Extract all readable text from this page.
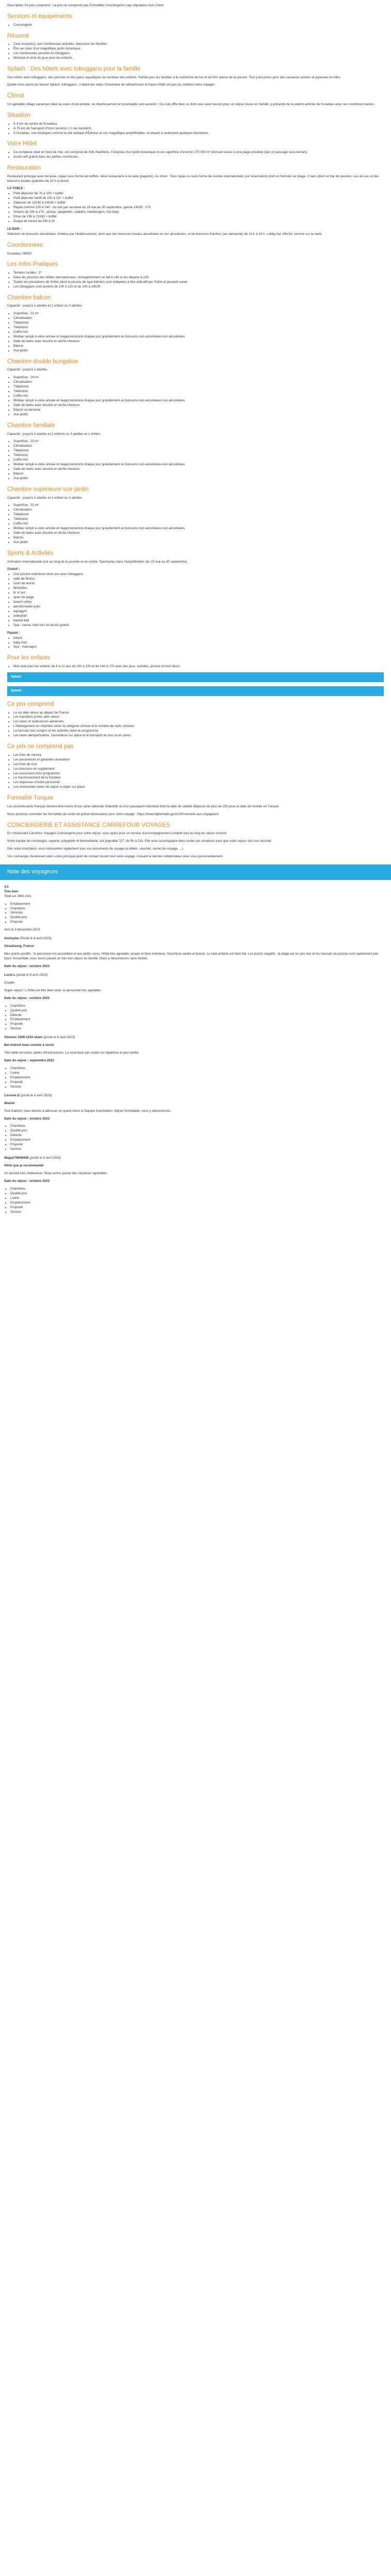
Description Ce prix comprend : Le prix ne comprend pas Formalités Conciergerie Logo stipulation Avis Client

Services et équipements
• Conciergerie
Résumé
• Club couvert(s), aux nombreuses activités, idéal pour les familles.
• Être au cœur d'un magnifique jardin botanique.
• Les nombreuses piscines et toboggans.
• Miniclub et amis du jeux pour les enfants.
Splash : Des hôtels avec toboggans pour la famille

Des hôtels avec toboggans, des piscines et des parcs aquatiques au bonheur des enfants. Parfait pour les familles à la recherche de fun et de frim autour de la piscine. Tout y est prévu pour des vacances actives et joyeuses en tribu.

Quelle nous avons pu laisser Splash, toboggans ; n'allant-les strips n'inventeur de rafraichissez et fraucu hôtel ont pas du crédites notre voyager.

Climat

Un agréable village vacances idéal au cœur d'une pinède, où divertissement et convivialité sont assurés ! Ce club offre bien ce dont vous avez besoin pour un séjour réussi en famille, y présenté de la station animée de Kusadasi avec ses nombreux bazars.

Situation
• À 4 km du centre de Kusadasi.
• À 75 km de l'aéroport d'Izmir (environ 1 h de transfert).
• À Kuradasi, une boutiques comme la cité antique d'Éphèse et son magnifique amphithéâtre, et situant à seulement quelques kilomètres.
Votre Hôtel
• Ce complexe situé en bord de mer, est composé de 436 chambres. Il dispose d'un jardin botanique d'une superficie d'environ 170 000 m² donnant accès à une plage privative (par un passage sous-terrain).
• Accès wifi gratuit dans les parties communes.
Restauration

Restaurant principal avec terrasse, repas sous forme de buffets, deux restaurants à la carte (payants). Au choix : Tous repas ou sous forme de cuisine internationale (sur réservation) dont un formule sur plage. 2 bars (dont un bar de piscine). Les en-cas et des boissons locales gratuites de 10 h à minuit.

LA TABLE :
• Petit déjeuner de 7h à 10h + buffet
• Petit déjeuner tardif de 10h à 11h + buffet
• Déjeuner de 12h30 à 14h30 + buffet
• Repas nommé 12h à 14h - du soir par semaine du 16 mai au 30 septembre, grenie 13h30 - 17h
• Snacks de 15h à 17h : pizzas, spaghettis, salades, hamburgers, hot-dogs
• Dîner de 19h à 21h30 + buffet
• Soupe de minuit de 23h à 2h
LE BAR :

Sélection de boissons alcoolisées, limitées par l'établissement, ainsi que des boissons locales alcoolisées et non alcoolisées, et de boissons fraîches (sur demande) de 10 h à 23 h. Lobby bar 24h/24, comme sur la carte.

Coordonnées

Kusadasi, 09400

Les Infos Pratiques
• Terrains locales : 3*
• Deux les piscines des hôtels internationaux, l'enregistrement se fait à 14h et les départs à 12h.
• Toutes les prestations de l'hôtel (dont la piscine de type balnéo) sont indiquées à titre indicatif par l'hôtel et peuvent varier.
• Les toboggans sont ouverts de 10h à 12h et de 14h à 16h30.
Chambre balcon

Capacité : jusqu'à 2 adultes et 1 enfant ou 3 adultes.

• Superficie : 31 m²
• Climatisation
• Téléphone
• Télévision
• Coffre-fort
• Minibar rempli à votre arrivée et réapprovisionné chaque jour gratuitement en boissons non alcoolisées non alcoolisées
• Salle de bains avec douche et sèche-cheveux
• Balcon
• Vue jardin
Chambre double bungalow

Capacité : jusqu'à 2 adultes.

• Superficie : 24 m²
• Climatisation
• Téléphone
• Télévision
• Coffre-fort
• Minibar rempli à votre arrivée et réapprovisionné chaque jour gratuitement en boissons non alcoolisées non alcoolisées
• Salle de bains avec douche et sèche-cheveux
• Balcon ou terrasse
• Vue jardin
Chambre familiale

Capacité : jusqu'à 2 adultes et 2 enfants ou 3 adultes et 1 enfant.

• Superficie : 33 m²
• Climatisation
• Téléphone
• Télévision
• Coffre-fort
• Minibar rempli à votre arrivée et réapprovisionné chaque jour gratuitement en boissons non alcoolisées non alcoolisées
• Salle de bains avec douche et sèche-cheveux
• Balcon
• Vue jardin
Chambre supérieure vue jardin

Capacité : jusqu'à 2 adultes et 1 enfant ou 3 adultes.

• Superficie : 31 m²
• Climatisation
• Téléphone
• Télévision
• Coffre-fort
• Minibar rempli à votre arrivée et réapprovisionné chaque jour gratuitement en boissons non alcoolisées non alcoolisées
• Salle de bains avec douche et sèche-cheveux
• Balcon
• Vue jardin
Sports & Activités

Animation internationale tout au long de la journée et en soirée. Spectacles dans l'amphithéâtre (du 15 mai au 30 septembre).

Gratuit :
• Une piscine extérieure dont une avec toboggans
• salle de fitness
• court de tennis
• fléchettes
• tir à l'arc
• sport de plage
• beach-volley
• aérobic/water-polo
• aquagym
• volleyball
• basket-ball
• Spa : sauna, bain turc en accès gratuit
Payant :
• billard
• baby-foot
• Spa : massages
Pour les enfants
• Mini-club pour les enfants de 4 à 12 ans de 10h à 12h et de 14h à 17h avec des jeux, activités, piscine et mini disco.
Splash
Splash
Ce prix comprend
• Le vol aller-retour au départ de France
• Les transferts privés aller-retour
• Les taxes et redevances aériennes
• L'hébergement en chambre selon la catégorie choisie et le nombre de nuits choisies
• La formule tout compris et les activités selon le programme
• Les taxes aéroportuaires, l'assistance sur place et le transport en bus ou en avion
Ce prix ne comprend pas
• Les frais de service
• Les assurances et garanties annulation
• Les frais de visa
• Les boissons en supplément
• Les excursions hors programme
• Le franchissement de la frontière
• Les dépenses d'ordre personnel
• Les éventuelles taxes de séjour à régler sur place
Formalité Turquie

Les ressortissants français doivent être munis d'une carte nationale d'identité ou d'un passeport individuel dont la date de validité dépasse de plus de 150 jours la date de l'entrée en Turquie.

Nous pouvons consulter les formalités de sortie de police nécessaires pour votre voyage : https://www.diplomatie.gouv.fr/fr/conseils-aux-voyageurs/

CONCIERGERIE ET ASSISTANCE CARREFOUR VOYAGES

En choisissant Carrefour Voyages Conciergerie pour votre séjour, vous optez pour un service d'accompagnement complet tout au long du séjour réservé.

Notre équipe de concierges, experte, polyglotte et bienveillante, est joignable 7j/7, de 9h à 21h. Elle vous accompagne dans toutes les situations pour que votre séjour soit une réussite.

Dès votre inscription, vous retrouverez également tous vos documents de voyage (e-billets, voucher, carnet de voyage, ...).

Vos concierges deviennent alors votre principal point de contact durant tout votre voyage, incluant le dernier collaborateur avec vous personnellement.

Note des voyageurs

4,5

Très bien

Total sur 3941 Avis

• Emplacement
• Chambres
• Services
• Qualité-prix
• Propreté

Avis le 3 décembre 2023

Anonyme (Posté le 8 avril 2023)

Strasbourg, France

Mes points positifs : le personnel est accueillant et aux petits soins. Hôtel très agréable, propre et bien entretenu. Nourriture variée et bonne. Le club enfants est bien fait. Les points négatifs : la plage est un peu loin et les transats de piscine sont rapidement pris. Dans l'ensemble, nous avons passé un très bon séjour en famille. Nous y retournerons sans hésiter.

Date du séjour : octobre 2023

Lucie L (posté le 8 avril 2023)

Couple

Super séjour ! L'hôtel est très bien situé, le personnel très agréable.

Date du séjour : octobre 2023

• Chambres
• Qualité-prix
• Détente
• Emplacement
• Propreté
• Service

Stevenn 1509 1234 sharn (posté le 6 avril 2023)

Bel endroit mais cuisine à revoir

Très belle structure, belles infrastructures. La nourriture par contre est répétitive et peu variée.

Date du séjour : septembre 2023

• Chambres
• Lisère
• Emplacement
• Propreté
• Service

Corinne.D (posté le 6 avril 2023)

Waouh

Tout d'abord, nous tenons à adresser un grand merci à l'équipe d'animation. Séjour formidable, nous y retournerons.

Date du séjour : octobre 2023

• Chambres
• Qualité-prix
• Détente
• Emplacement
• Propreté
• Service

Maga278848446 (posté le 6 avril 2023)

Hôtel que je recommande

Un accueil très chaleureux. Nous avons passé des vacances agréables.

Date du séjour : octobre 2023

• Chambres
• Qualité-prix
• Lisère
• Emplacement
• Propreté
• Service
